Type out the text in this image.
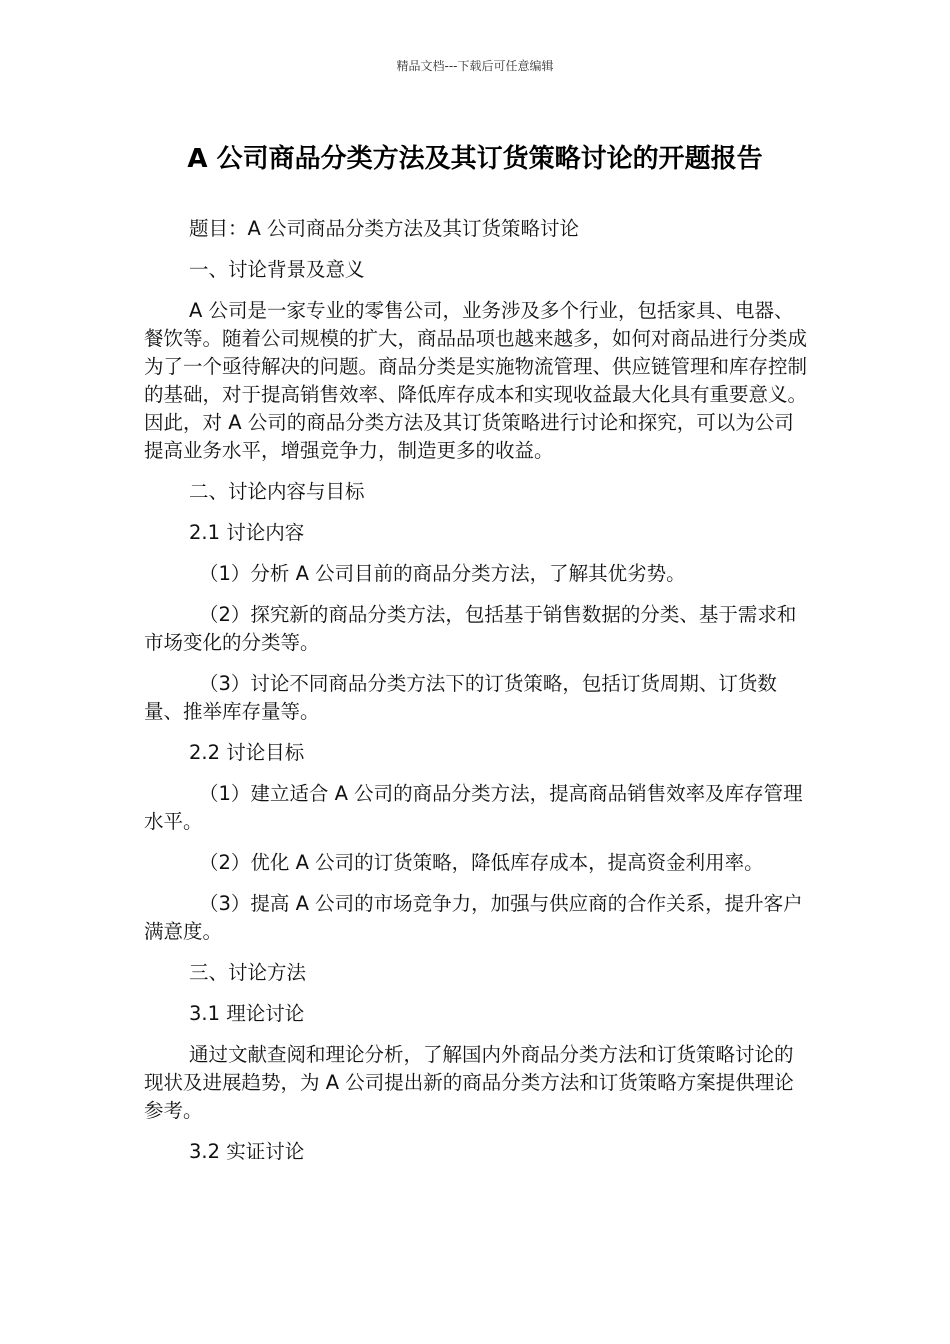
精品文档---下载后可任意编辑
A 公司商品分类方法及其订货策略讨论的开题报告

题目：A 公司商品分类方法及其订货策略讨论

一、讨论背景及意义

A 公司是一家专业的零售公司，业务涉及多个行业，包括家具、电器、餐饮等。随着公司规模的扩大，商品品项也越来越多，如何对商品进行分类成为了一个亟待解决的问题。商品分类是实施物流管理、供应链管理和库存控制的基础，对于提高销售效率、降低库存成本和实现收益最大化具有重要意义。因此，对 A 公司的商品分类方法及其订货策略进行讨论和探究，可以为公司提高业务水平，增强竞争力，制造更多的收益。

二、讨论内容与目标

2.1 讨论内容

（1）分析 A 公司目前的商品分类方法，了解其优劣势。

（2）探究新的商品分类方法，包括基于销售数据的分类、基于需求和市场变化的分类等。

（3）讨论不同商品分类方法下的订货策略，包括订货周期、订货数量、推举库存量等。

2.2 讨论目标

（1）建立适合 A 公司的商品分类方法，提高商品销售效率及库存管理水平。

（2）优化 A 公司的订货策略，降低库存成本，提高资金利用率。

（3）提高 A 公司的市场竞争力，加强与供应商的合作关系，提升客户满意度。

三、讨论方法

3.1 理论讨论

通过文献查阅和理论分析，了解国内外商品分类方法和订货策略讨论的现状及进展趋势，为 A 公司提出新的商品分类方法和订货策略方案提供理论参考。

3.2 实证讨论
